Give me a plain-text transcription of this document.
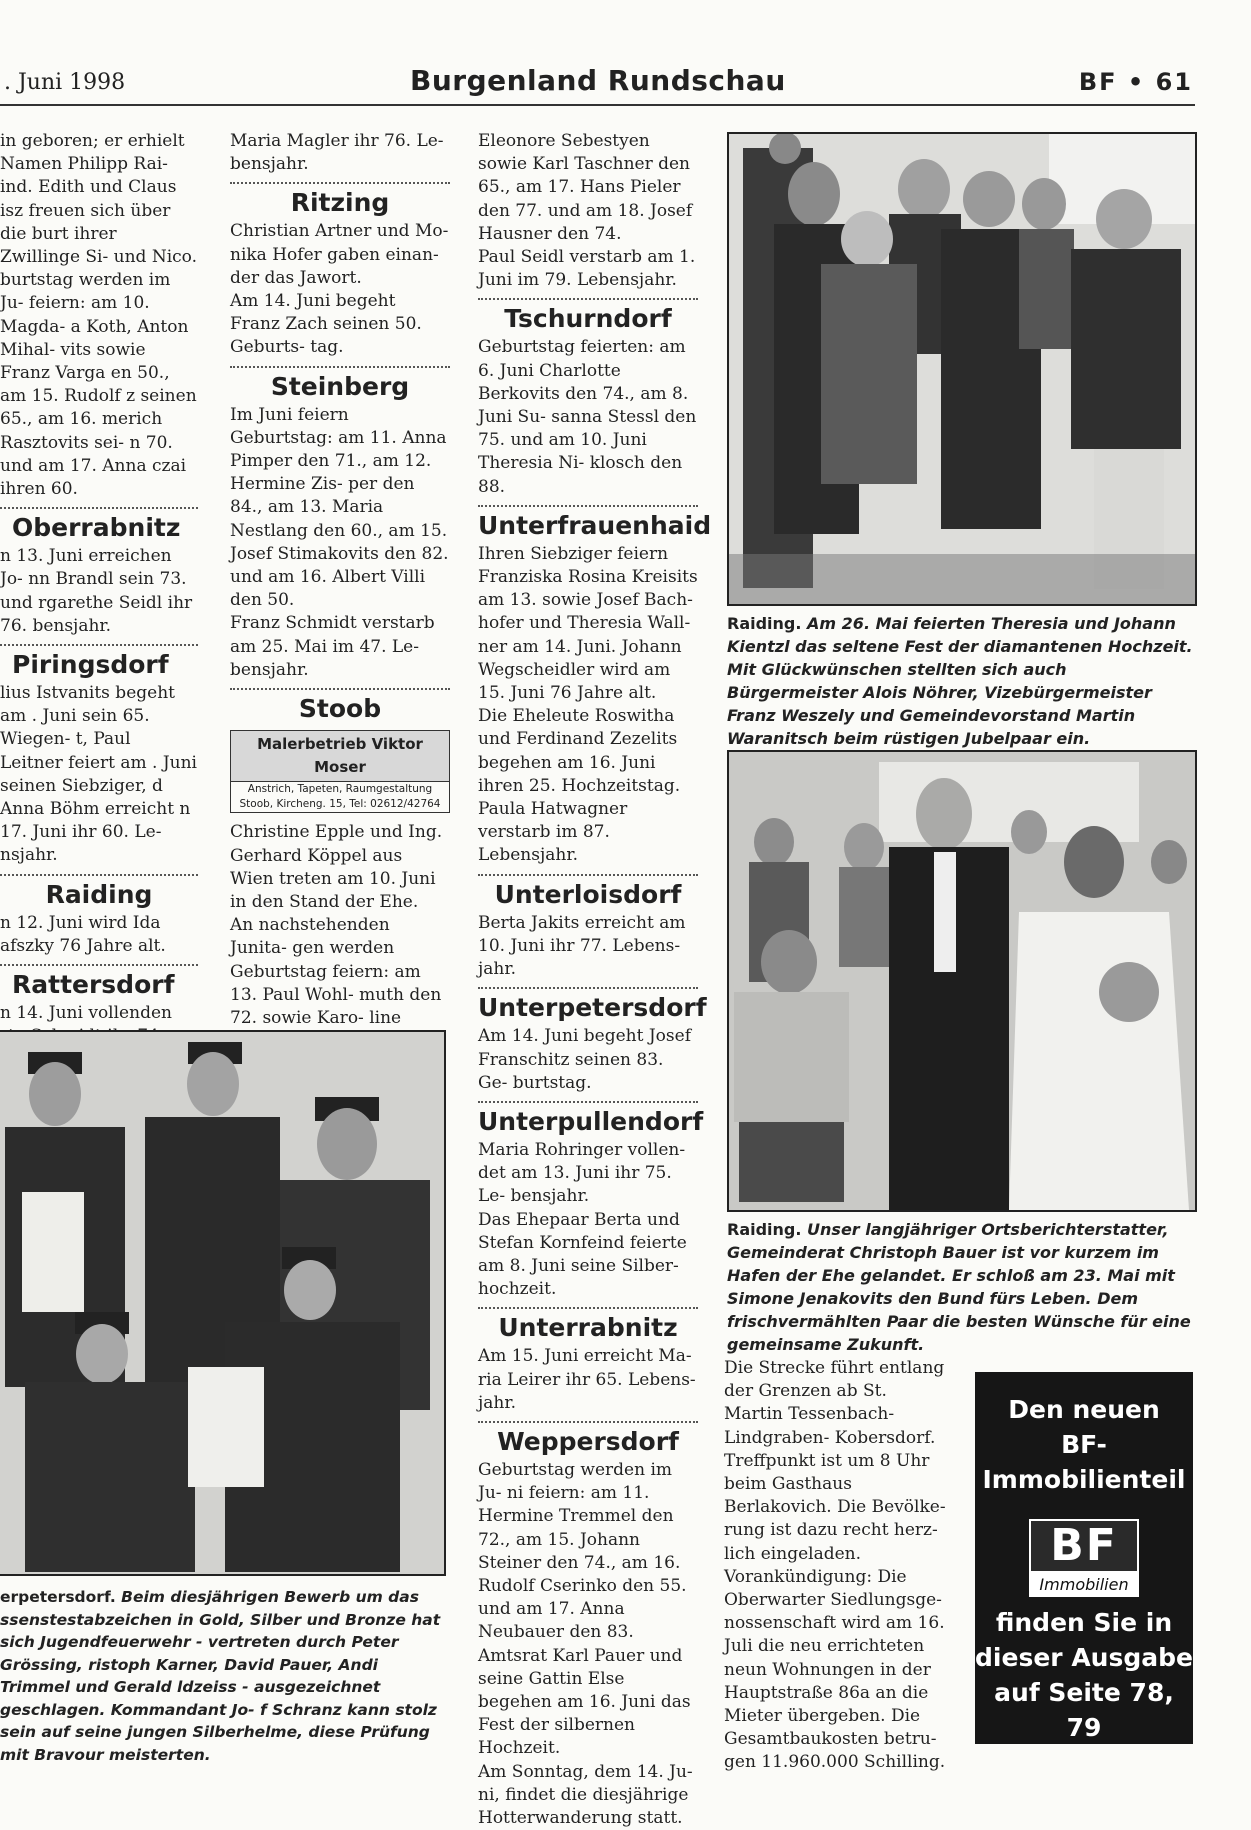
. Juni 1998	Burgenland Rundschau	BF • 61

in geboren; er erhielt Namen Philipp Rai- ind. Edith und Claus isz freuen sich über die burt ihrer Zwillinge Si- und Nico.

burtstag werden im Ju- feiern: am 10. Magda- a Koth, Anton Mihal- vits sowie Franz Varga en 50., am 15. Rudolf z seinen 65., am 16. merich Rasztovits sei- n 70. und am 17. Anna czai ihren 60.

Oberrabnitz

n 13. Juni erreichen Jo- nn Brandl sein 73. und rgarethe Seidl ihr 76. bensjahr.

Piringsdorf

lius Istvanits begeht am . Juni sein 65. Wiegen- t, Paul Leitner feiert am . Juni seinen Siebziger, d Anna Böhm erreicht n 17. Juni ihr 60. Le- nsjahr.

Raiding

n 12. Juni wird Ida afszky 76 Jahre alt.

Rattersdorf

n 14. Juni vollenden

Maria Magler ihr 76. Le- bensjahr.

Ritzing

Christian Artner und Mo- nika Hofer gaben einan- der das Jawort.

Am 14. Juni begeht Franz Zach seinen 50. Geburts- tag.

Steinberg

Im Juni feiern Geburtstag: am 11. Anna Pimper den 71., am 12. Hermine Zis- per den 84., am 13. Maria Nestlang den 60., am 15. Josef Stimakovits den 82. und am 16. Albert Villi den 50.

Franz Schmidt verstarb am 25. Mai im 47. Le- bensjahr.

Stoob
Malerbetrieb Viktor Moser
Anstrich, Tapeten, Raumgestaltung
Stoob, Kircheng. 15, Tel: 02612/42764

Christine Epple und Ing. Gerhard Köppel aus Wien treten am 10. Juni in den Stand der Ehe.

An nachstehenden Junita- gen werden Geburtstag feiern: am 13. Paul Wohl- muth den 72. sowie Karo- line

Eleonore Sebestyen sowie Karl Taschner den 65., am 17. Hans Pieler den 77. und am 18. Josef Hausner den 74.

Paul Seidl verstarb am 1. Juni im 79. Lebensjahr.

Tschurndorf

Geburtstag feierten: am 6. Juni Charlotte Berkovits den 74., am 8. Juni Su- sanna Stessl den 75. und am 10. Juni Theresia Ni- klosch den 88.

Unterfrauenhaid

Ihren Siebziger feiern Franziska Rosina Kreisits am 13. sowie Josef Bach- hofer und Theresia Wall- ner am 14. Juni. Johann Wegscheidler wird am 15. Juni 76 Jahre alt.

Die Eheleute Roswitha und Ferdinand Zezelits begehen am 16. Juni ihren 25. Hochzeitstag.

Paula Hatwagner verstarb im 87. Lebensjahr.

Unterloisdorf

Berta Jakits erreicht am 10. Juni ihr 77. Lebens- jahr.

Unterpetersdorf

Am 14. Juni begeht Josef Franschitz seinen 83. Ge- burtstag.

Unterpullendorf

Maria Rohringer vollen- det am 13. Juni ihr 75. Le- bensjahr.

Das Ehepaar Berta und Stefan Kornfeind feierte am 8. Juni seine Silber- hochzeit.

Unterrabnitz

Am 15. Juni erreicht Ma- ria Leirer ihr 65. Lebens- jahr.

Weppersdorf

Geburtstag werden im Ju- ni feiern: am 11. Hermine Tremmel den 72., am 15. Johann Steiner den 74., am 16. Rudolf Cserinko den 55. und am 17. Anna Neubauer den 83.

Amtsrat Karl Pauer und seine Gattin Else begehen am 16. Juni das Fest der silbernen Hochzeit.

Am Sonntag, dem 14. Ju- ni, findet die diesjährige Hotterwanderung statt.

Raiding. Am 26. Mai feierten Theresia und Johann Kientzl das seltene Fest der diamantenen Hochzeit. Mit Glückwünschen stellten sich auch Bürgermeister Alois Nöhrer, Vizebürgermeister Franz Weszely und Gemeindevorstand Martin Waranitsch beim rüstigen Jubelpaar ein.
Raiding. Unser langjähriger Ortsberichterstatter, Gemeinderat Christoph Bauer ist vor kurzem im Hafen der Ehe gelandet. Er schloß am 23. Mai mit Simone Jenakovits den Bund fürs Leben. Dem frischvermählten Paar die besten Wünsche für eine gemeinsame Zukunft.
erpetersdorf. Beim diesjährigen Bewerb um das ssenstestabzeichen in Gold, Silber und Bronze hat sich Jugendfeuerwehr - vertreten durch Peter Grössing, ristoph Karner, David Pauer, Andi Trimmel und Gerald ldzeiss - ausgezeichnet geschlagen. Kommandant Jo- f Schranz kann stolz sein auf seine jungen Silberhelme, diese Prüfung mit Bravour meisterten.

Die Strecke führt entlang der Grenzen ab St. Martin Tessenbach-Lindgraben- Kobersdorf. Treffpunkt ist um 8 Uhr beim Gasthaus Berlakovich. Die Bevölke- rung ist dazu recht herz- lich eingeladen.

Vorankündigung: Die Oberwarter Siedlungsge- nossenschaft wird am 16. Juli die neu errichteten neun Wohnungen in der Hauptstraße 86a an die Mieter übergeben. Die Gesamtbaukosten betru- gen 11.960.000 Schilling.

Den neuen
BF-
Immobilienteil
BF
Immobilien
finden Sie in
dieser Ausgabe
auf Seite 78, 79
